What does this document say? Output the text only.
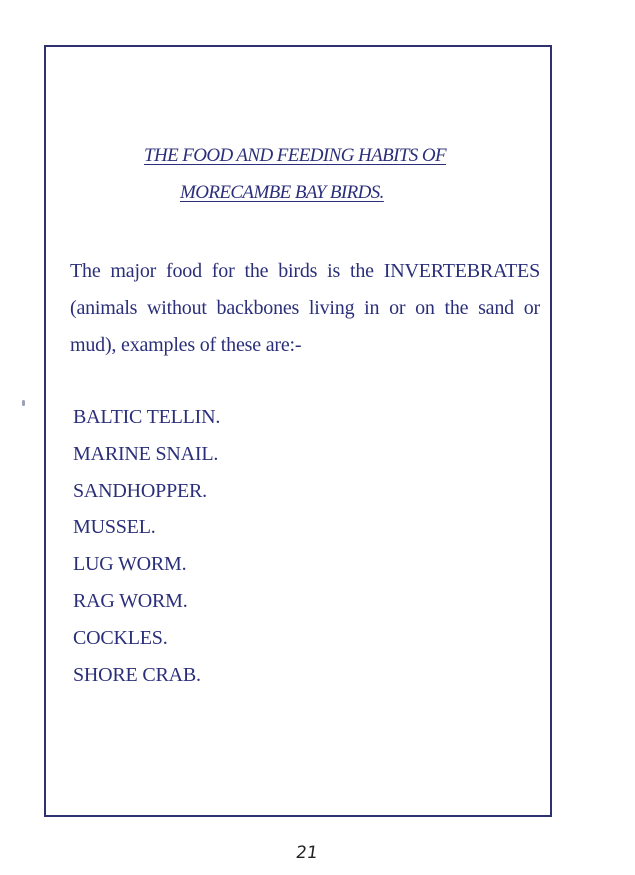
THE FOOD AND FEEDING HABITS OF
MORECAMBE BAY BIRDS.

The major food for the birds is the INVERTEBRATES (animals without backbones living in or on the sand or mud), examples of these are:-

BALTIC TELLIN.
MARINE SNAIL.
SANDHOPPER.
MUSSEL.
LUG WORM.
RAG WORM.
COCKLES.
SHORE CRAB.
21
